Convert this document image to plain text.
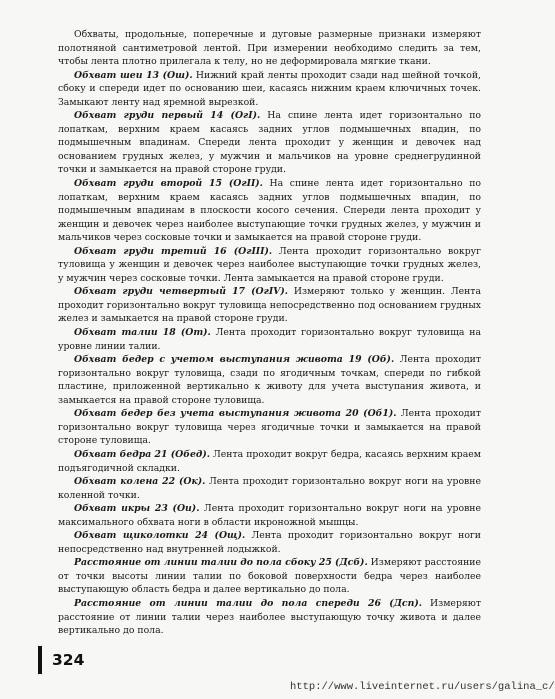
Обхваты, продольные, поперечные и дуговые размерные признаки измеряют полотняной сантиметровой лентой. При измерении необходимо следить за тем, чтобы лента плотно прилегала к телу, но не деформировала мягкие ткани.

Обхват шеи 13 (Ош). Нижний край ленты проходит сзади над шейной точкой, сбоку и спереди идет по основанию шеи, касаясь нижним краем ключичных точек. Замыкают ленту над яремной вырезкой.

Обхват груди первый 14 (ОгI). На спине лента идет горизонтально по лопаткам, верхним краем касаясь задних углов подмышечных впадин, по подмышечным впадинам. Спереди лента проходит у женщин и девочек над основанием грудных желез, у мужчин и мальчиков на уровне среднегрудинной точки и замыкается на правой стороне груди.

Обхват груди второй 15 (ОгII). На спине лента идет горизонтально по лопаткам, верхним краем касаясь задних углов подмышечных впадин, по подмышечным впадинам в плоскости косого сечения. Спереди лента проходит у женщин и девочек через наиболее выступающие точки грудных желез, у мужчин и мальчиков через сосковые точки и замыкается на правой стороне груди.

Обхват груди третий 16 (ОгIII). Лента проходит горизонтально вокруг туловища у женщин и девочек через наиболее выступающие точки грудных желез, у мужчин через сосковые точки. Лента замыкается на правой стороне груди.

Обхват груди четвертый 17 (ОгIV). Измеряют только у женщин. Лента проходит горизонтально вокруг туловища непосредственно под основанием грудных желез и замыкается на правой стороне груди.

Обхват талии 18 (От). Лента проходит горизонтально вокруг туловища на уровне линии талии.

Обхват бедер с учетом выступания живота 19 (Об). Лента проходит горизонтально вокруг туловища, сзади по ягодичным точкам, спереди по гибкой пластине, приложенной вертикально к животу для учета выступания живота, и замыкается на правой стороне туловища.

Обхват бедер без учета выступания живота 20 (Об1). Лента проходит горизонтально вокруг туловища через ягодичные точки и замыкается на правой стороне туловища.

Обхват бедра 21 (Обед). Лента проходит вокруг бедра, касаясь верхним краем подъягодичной складки.

Обхват колена 22 (Ок). Лента проходит горизонтально вокруг ноги на уровне коленной точки.

Обхват икры 23 (Ои). Лента проходит горизонтально вокруг ноги на уровне максимального обхвата ноги в области икроножной мышцы.

Обхват щиколотки 24 (Ощ). Лента проходит горизонтально вокруг ноги непосредственно над внутренней лодыжкой.

Расстояние от линии талии до пола сбоку 25 (Дсб). Измеряют расстояние от точки высоты линии талии по боковой поверхности бедра через наиболее выступающую область бедра и далее вертикально до пола.

Расстояние от линии талии до пола спереди 26 (Дсп). Измеряют расстояние от линии талии через наиболее выступающую точку живота и далее вертикально до пола.

324
http://www.liveinternet.ru/users/galina_c/
